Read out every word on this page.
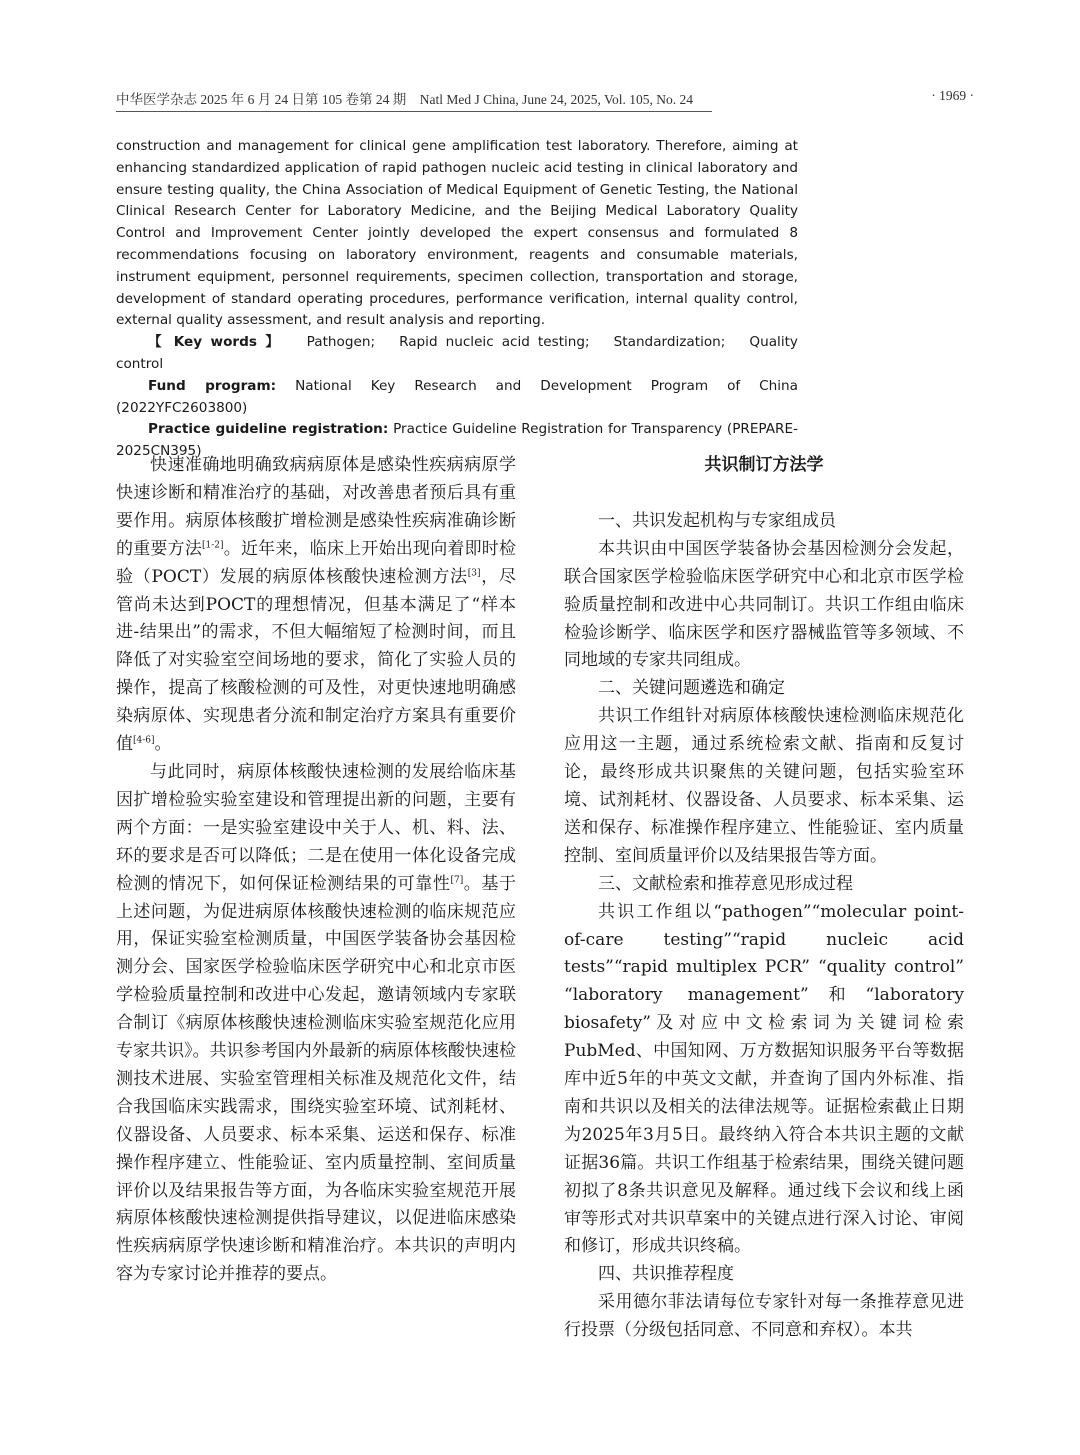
中华医学杂志 2025 年 6 月 24 日第 105 卷第 24 期　Natl Med J China, June 24, 2025, Vol. 105, No. 24	· 1969 ·

construction and management for clinical gene amplification test laboratory. Therefore, aiming at enhancing standardized application of rapid pathogen nucleic acid testing in clinical laboratory and ensure testing quality, the China Association of Medical Equipment of Genetic Testing, the National Clinical Research Center for Laboratory Medicine, and the Beijing Medical Laboratory Quality Control and Improvement Center jointly developed the expert consensus and formulated 8 recommendations focusing on laboratory environment, reagents and consumable materials, instrument equipment, personnel requirements, specimen collection, transportation and storage, development of standard operating procedures, performance verification, internal quality control, external quality assessment, and result analysis and reporting.

【 Key words 】 Pathogen; Rapid nucleic acid testing; Standardization; Quality control

Fund program: National Key Research and Development Program of China (2022YFC2603800)

Practice guideline registration: Practice Guideline Registration for Transparency (PREPARE-2025CN395)

快速准确地明确致病病原体是感染性疾病病原学快速诊断和精准治疗的基础，对改善患者预后具有重要作用。病原体核酸扩增检测是感染性疾病准确诊断的重要方法[1-2]。近年来，临床上开始出现向着即时检验（POCT）发展的病原体核酸快速检测方法[3]，尽管尚未达到POCT的理想情况，但基本满足了“样本进-结果出”的需求，不但大幅缩短了检测时间，而且降低了对实验室空间场地的要求，简化了实验人员的操作，提高了核酸检测的可及性，对更快速地明确感染病原体、实现患者分流和制定治疗方案具有重要价值[4-6]。

与此同时，病原体核酸快速检测的发展给临床基因扩增检验实验室建设和管理提出新的问题，主要有两个方面：一是实验室建设中关于人、机、料、法、环的要求是否可以降低；二是在使用一体化设备完成检测的情况下，如何保证检测结果的可靠性[7]。基于上述问题，为促进病原体核酸快速检测的临床规范应用，保证实验室检测质量，中国医学装备协会基因检测分会、国家医学检验临床医学研究中心和北京市医学检验质量控制和改进中心发起，邀请领域内专家联合制订《病原体核酸快速检测临床实验室规范化应用专家共识》。共识参考国内外最新的病原体核酸快速检测技术进展、实验室管理相关标准及规范化文件，结合我国临床实践需求，围绕实验室环境、试剂耗材、仪器设备、人员要求、标本采集、运送和保存、标准操作程序建立、性能验证、室内质量控制、室间质量评价以及结果报告等方面，为各临床实验室规范开展病原体核酸快速检测提供指导建议，以促进临床感染性疾病病原学快速诊断和精准治疗。本共识的声明内容为专家讨论并推荐的要点。

共识制订方法学

一、共识发起机构与专家组成员

本共识由中国医学装备协会基因检测分会发起，联合国家医学检验临床医学研究中心和北京市医学检验质量控制和改进中心共同制订。共识工作组由临床检验诊断学、临床医学和医疗器械监管等多领域、不同地域的专家共同组成。

二、关键问题遴选和确定

共识工作组针对病原体核酸快速检测临床规范化应用这一主题，通过系统检索文献、指南和反复讨论，最终形成共识聚焦的关键问题，包括实验室环境、试剂耗材、仪器设备、人员要求、标本采集、运送和保存、标准操作程序建立、性能验证、室内质量控制、室间质量评价以及结果报告等方面。

三、文献检索和推荐意见形成过程

共识工作组以“pathogen”“molecular point-of-care testing”“rapid nucleic acid tests”“rapid multiplex PCR” “quality control” “laboratory management”和“laboratory biosafety”及对应中文检索词为关键词检索PubMed、中国知网、万方数据知识服务平台等数据库中近5年的中英文文献，并查询了国内外标准、指南和共识以及相关的法律法规等。证据检索截止日期为2025年3月5日。最终纳入符合本共识主题的文献证据36篇。共识工作组基于检索结果，围绕关键问题初拟了8条共识意见及解释。通过线下会议和线上函审等形式对共识草案中的关键点进行深入讨论、审阅和修订，形成共识终稿。

四、共识推荐程度

采用德尔菲法请每位专家针对每一条推荐意见进行投票（分级包括同意、不同意和弃权）。本共
